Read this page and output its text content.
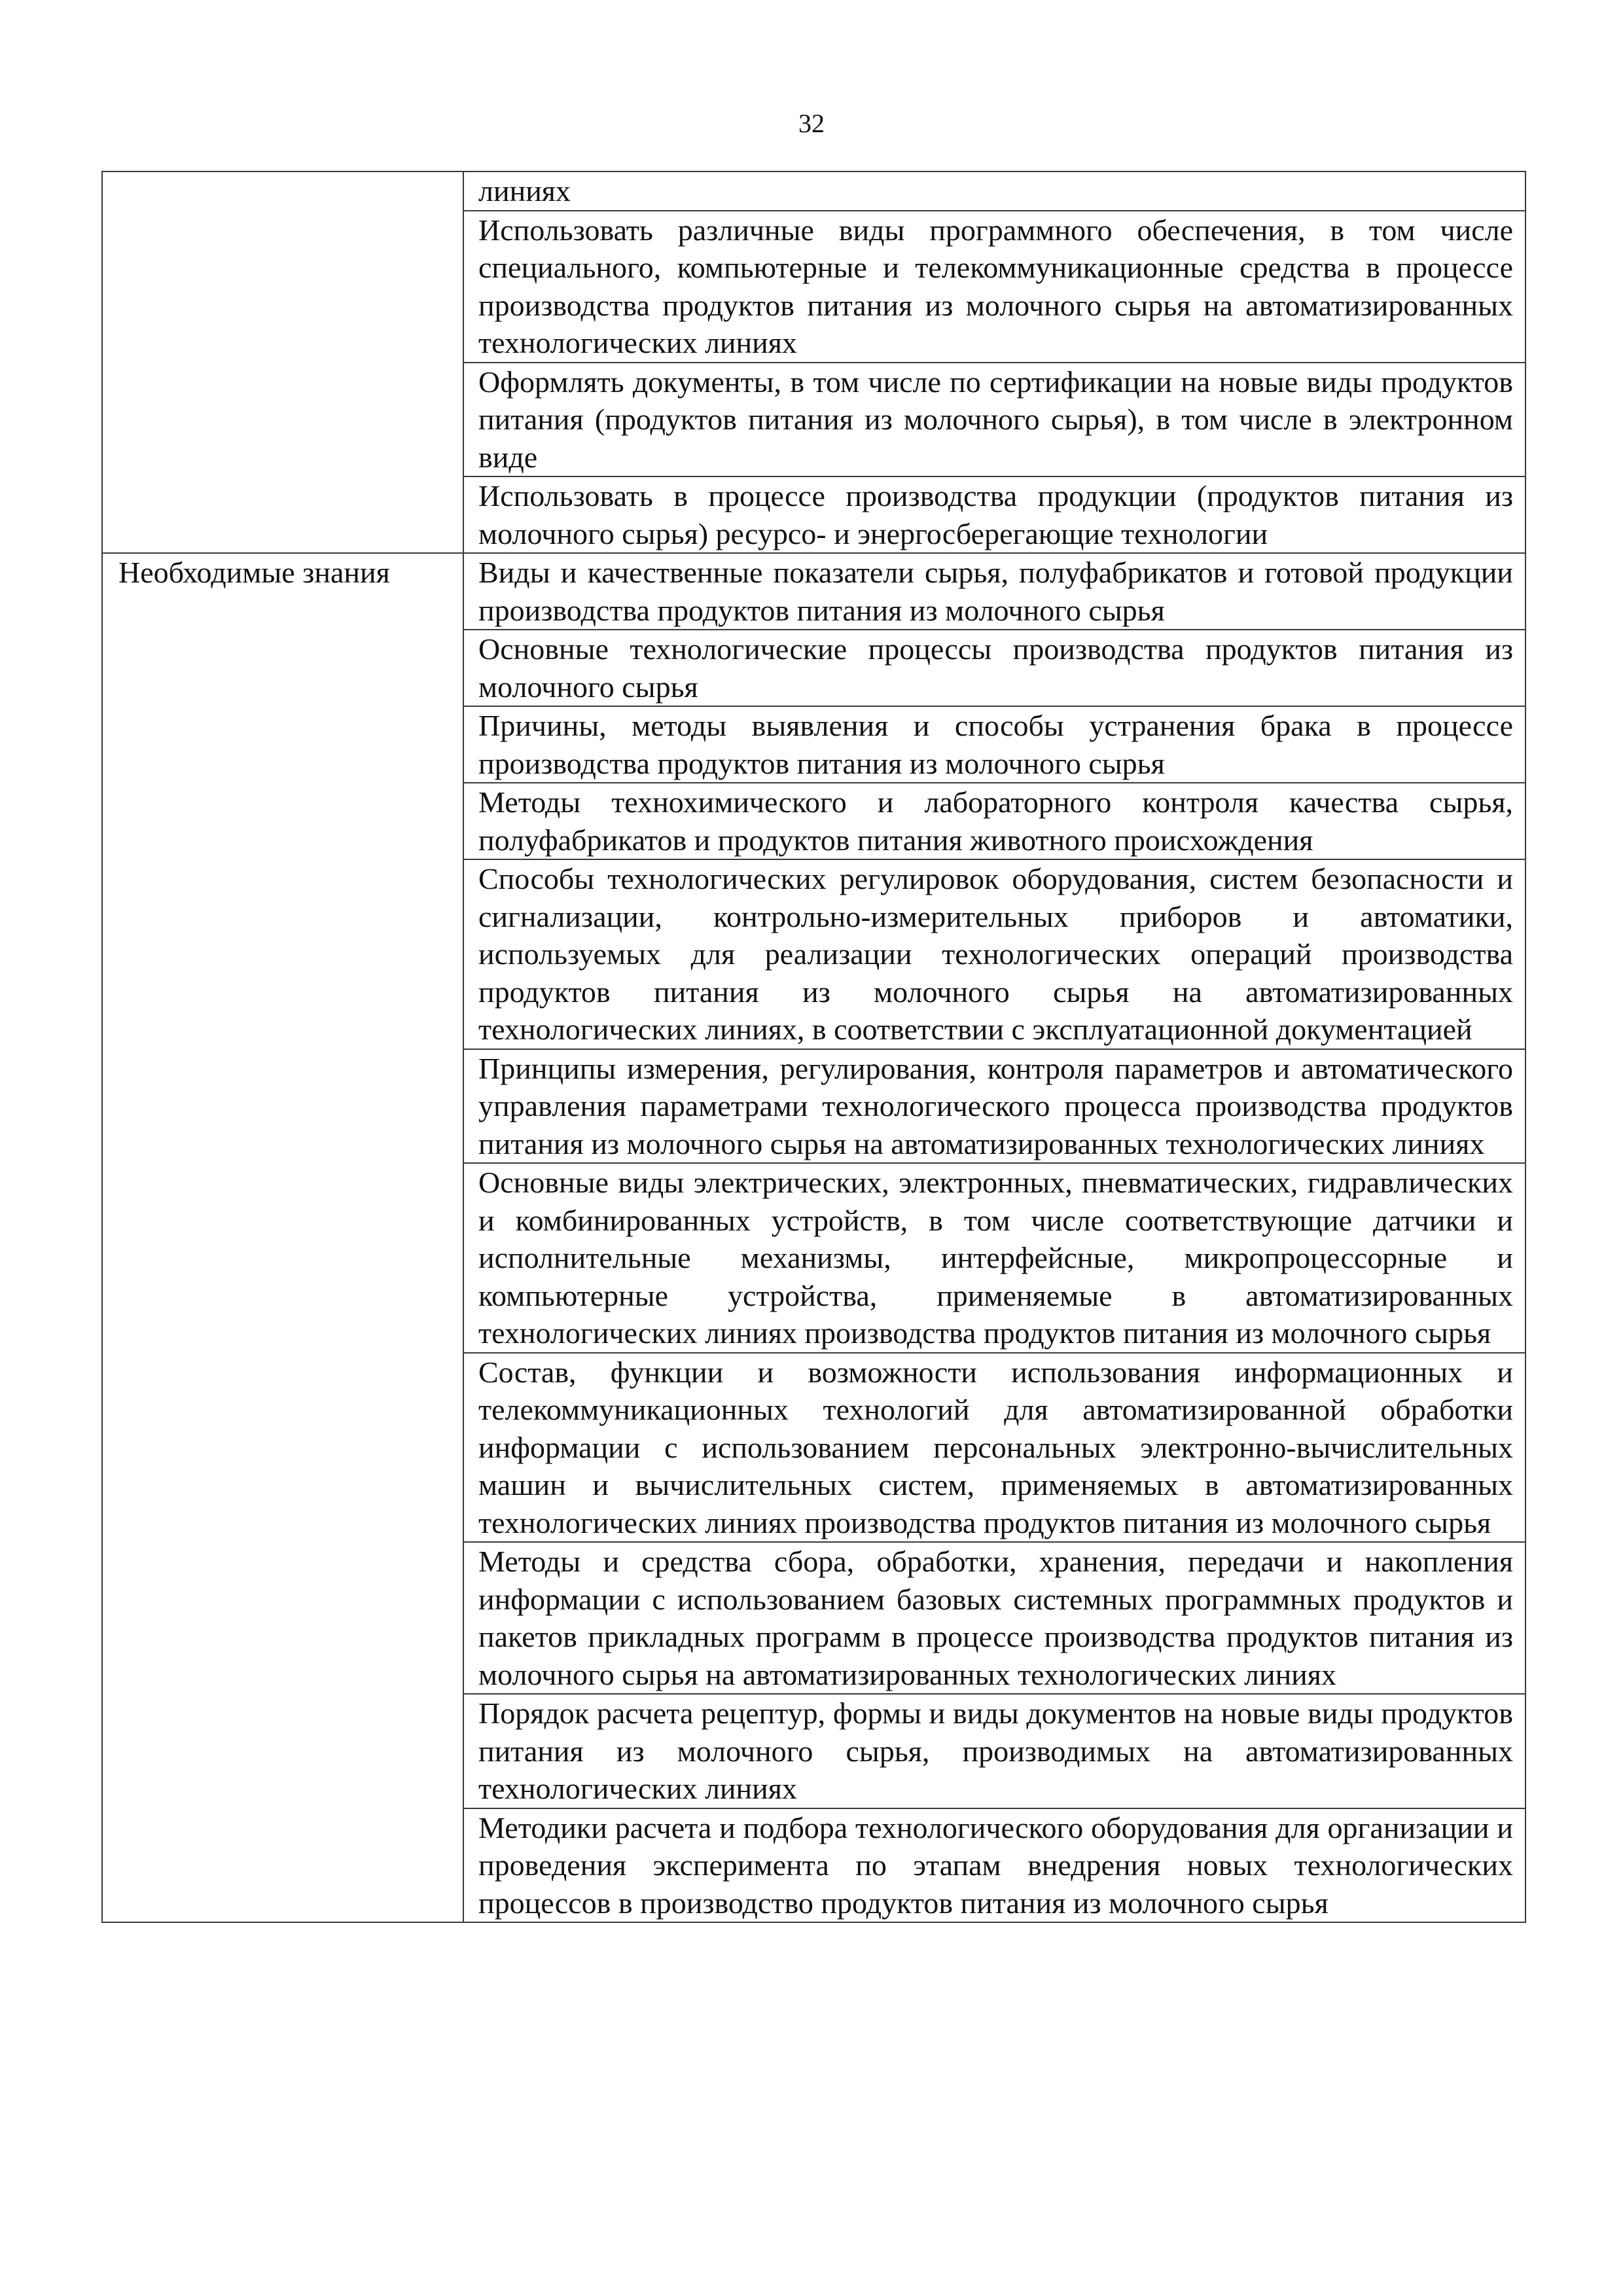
32
	линиях
	Использовать различные виды программного обеспечения, в том числе специального, компьютерные и телекоммуникационные средства в процессе производства продуктов питания из молочного сырья на автоматизированных технологических линиях
	Оформлять документы, в том числе по сертификации на новые виды продуктов питания (продуктов питания из молочного сырья), в том числе в электронном виде
	Использовать в процессе производства продукции (продуктов питания из молочного сырья) ресурсо- и энергосберегающие технологии
Необходимые знания	Виды и качественные показатели сырья, полуфабрикатов и готовой продукции производства продуктов питания из молочного сырья
	Основные технологические процессы производства продуктов питания из молочного сырья
	Причины, методы выявления и способы устранения брака в процессе производства продуктов питания из молочного сырья
	Методы технохимического и лабораторного контроля качества сырья, полуфабрикатов и продуктов питания животного происхождения
	Способы технологических регулировок оборудования, систем безопасности и сигнализации, контрольно-измерительных приборов и автоматики, используемых для реализации технологических операций производства продуктов питания из молочного сырья на автоматизированных технологических линиях, в соответствии с эксплуатационной документацией
	Принципы измерения, регулирования, контроля параметров и автоматического управления параметрами технологического процесса производства продуктов питания из молочного сырья на автоматизированных технологических линиях
	Основные виды электрических, электронных, пневматических, гидравлических и комбинированных устройств, в том числе соответствующие датчики и исполнительные механизмы, интерфейсные, микропроцессорные и компьютерные устройства, применяемые в автоматизированных технологических линиях производства продуктов питания из молочного сырья
	Состав, функции и возможности использования информационных и телекоммуникационных технологий для автоматизированной обработки информации с использованием персональных электронно-вычислительных машин и вычислительных систем, применяемых в автоматизированных технологических линиях производства продуктов питания из молочного сырья
	Методы и средства сбора, обработки, хранения, передачи и накопления информации с использованием базовых системных программных продуктов и пакетов прикладных программ в процессе производства продуктов питания из молочного сырья на автоматизированных технологических линиях
	Порядок расчета рецептур, формы и виды документов на новые виды продуктов питания из молочного сырья, производимых на автоматизированных технологических линиях
	Методики расчета и подбора технологического оборудования для организации и проведения эксперимента по этапам внедрения новых технологических процессов в производство продуктов питания из молочного сырья
